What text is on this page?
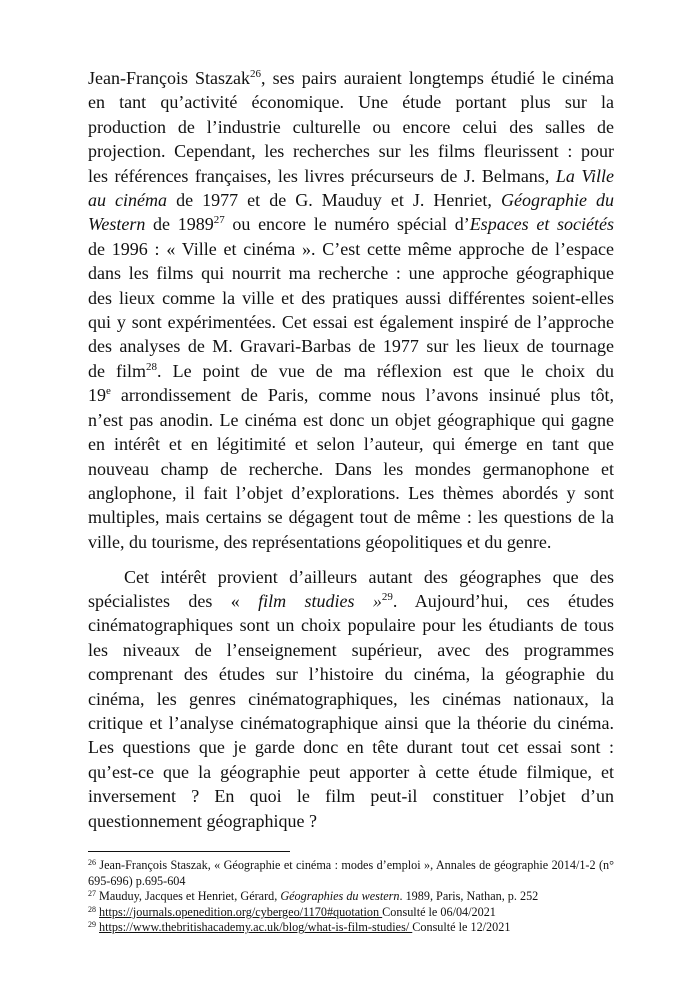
Jean-François Staszak$^{26}$, ses pairs auraient longtemps étudié le cinéma
en tant qu’activité économique. Une étude portant plus sur la
production de l’industrie culturelle ou encore celui des salles de
projection. Cependant, les recherches sur les films fleurissent : pour
les références françaises, les livres précurseurs de J. Belmans, La Ville
au cinéma de 1977 et de G. Mauduy et J. Henriet, Géographie du
Western de 1989$^{27}$ ou encore le numéro spécial d’Espaces et sociétés
de 1996 : « Ville et cinéma ». C’est cette même approche de l’espace
dans les films qui nourrit ma recherche : une approche géographique
des lieux comme la ville et des pratiques aussi différentes soient-elles
qui y sont expérimentées. Cet essai est également inspiré de l’approche
des analyses de M. Gravari-Barbas de 1977 sur les lieux de tournage
de film$^{28}$. Le point de vue de ma réflexion est que le choix du
19e arrondissement de Paris, comme nous l’avons insinué plus tôt,
n’est pas anodin. Le cinéma est donc un objet géographique qui gagne
en intérêt et en légitimité et selon l’auteur, qui émerge en tant que
nouveau champ de recherche. Dans les mondes germanophone et
anglophone, il fait l’objet d’explorations. Les thèmes abordés y sont
multiples, mais certains se dégagent tout de même : les questions de la
ville, du tourisme, des représentations géopolitiques et du genre.
Cet intérêt provient d’ailleurs autant des géographes que des
spécialistes des « film studies »$^{29}$. Aujourd’hui, ces études
cinématographiques sont un choix populaire pour les étudiants de tous
les niveaux de l’enseignement supérieur, avec des programmes
comprenant des études sur l’histoire du cinéma, la géographie du
cinéma, les genres cinématographiques, les cinémas nationaux, la
critique et l’analyse cinématographique ainsi que la théorie du cinéma.
Les questions que je garde donc en tête durant tout cet essai sont :
qu’est-ce que la géographie peut apporter à cette étude filmique, et
inversement ? En quoi le film peut-il constituer l’objet d’un
questionnement géographique ?
$^{26}$ Jean-François Staszak, « Géographie et cinéma : modes d’emploi », Annales de géographie 2014/1-2 (n° 695-696) p.695-604
$^{27}$ Mauduy, Jacques et Henriet, Gérard, Géographies du western. 1989, Paris, Nathan, p. 252
$^{28}$ https://journals.openedition.org/cybergeo/1170#quotation Consulté le 06/04/2021
$^{29}$ https://www.thebritishacademy.ac.uk/blog/what-is-film-studies/ Consulté le 12/2021
